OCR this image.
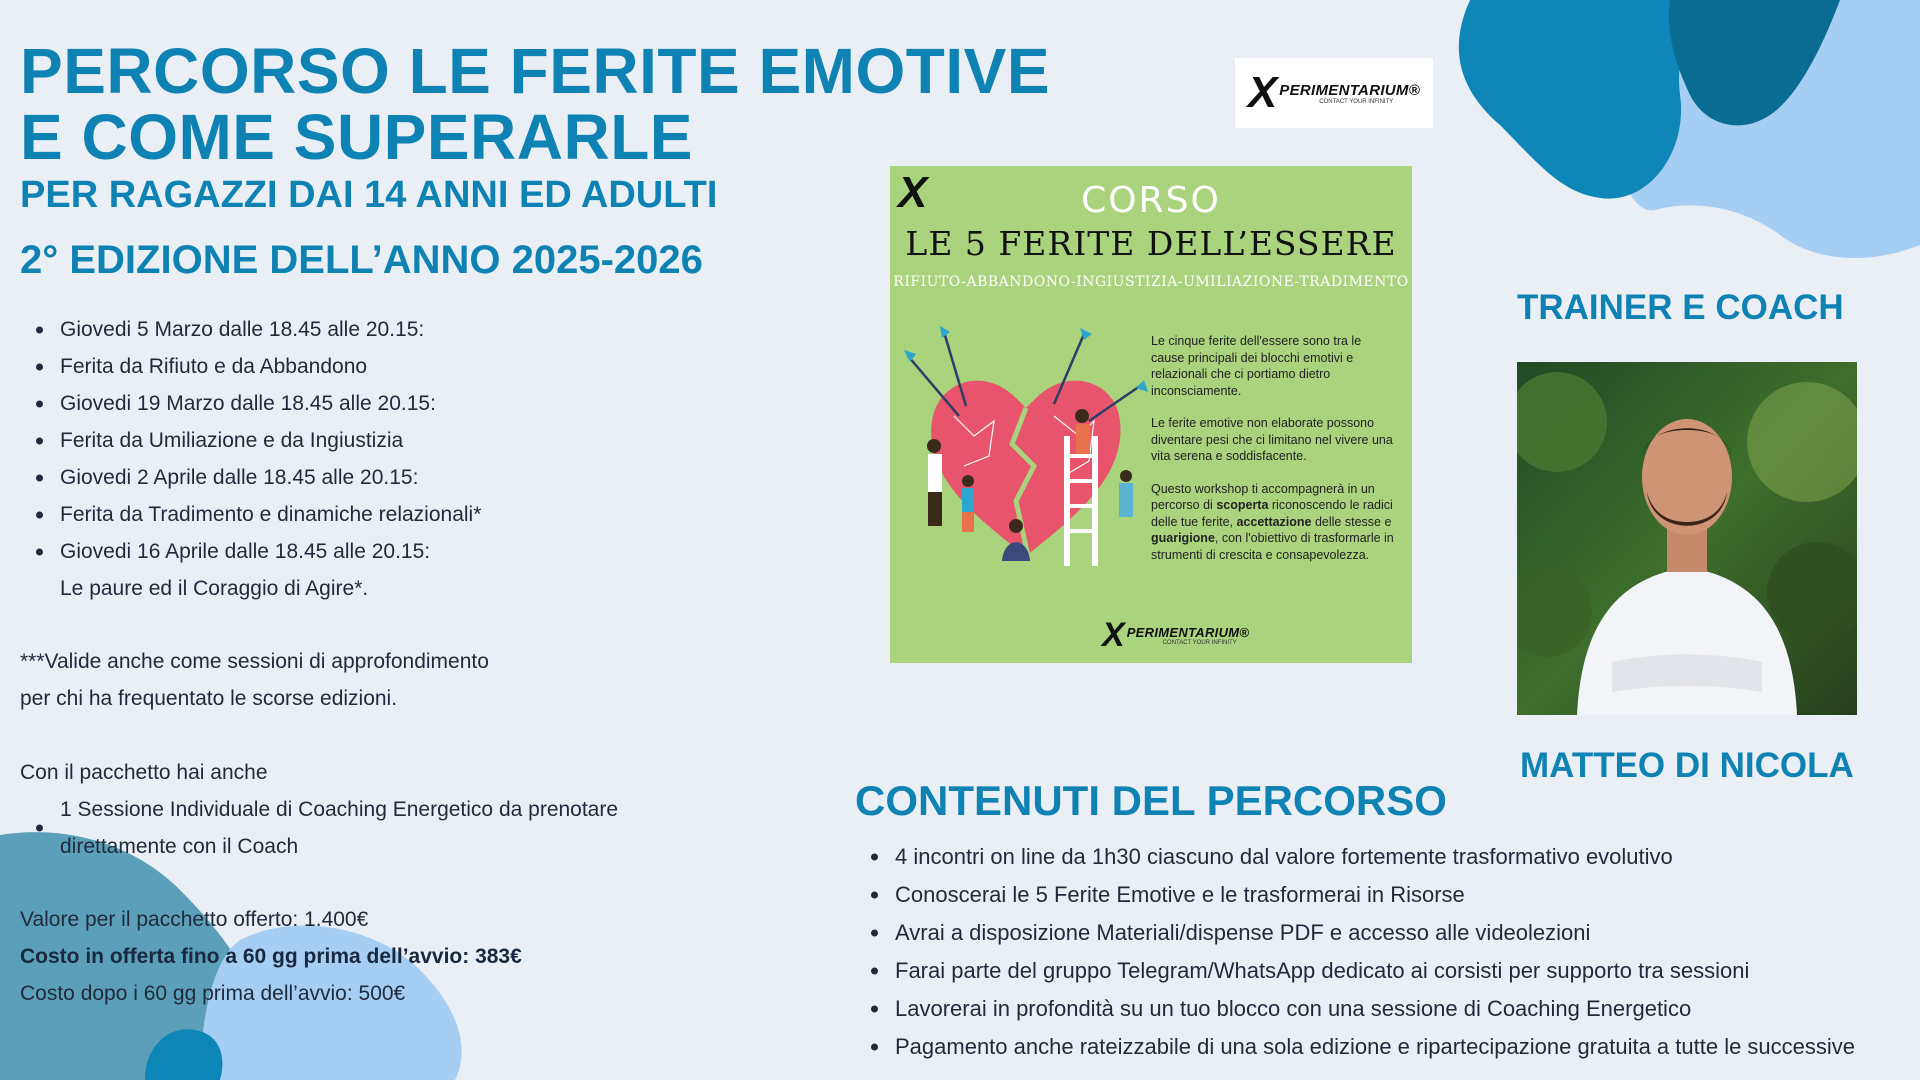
PERCORSO LE FERITE EMOTIVE
E COME SUPERARLE
PER RAGAZZI DAI 14 ANNI ED ADULTI
2° EDIZIONE DELL’ANNO 2025-2026
Giovedi 5 Marzo dalle 18.45 alle 20.15:
Ferita da Rifiuto e da Abbandono
Giovedi 19 Marzo dalle 18.45 alle 20.15:
Ferita da Umiliazione e da Ingiustizia
Giovedi 2 Aprile dalle 18.45 alle 20.15:
Ferita da Tradimento e dinamiche relazionali*
Giovedi 16 Aprile dalle 18.45 alle 20.15:
Le paure ed il Coraggio di Agire*.
***Valide anche come sessioni di approfondimento
per chi ha frequentato le scorse edizioni.
Con il pacchetto hai anche
1 Sessione Individuale di Coaching Energetico da prenotare direttamente con il Coach
Valore per il pacchetto offerto: 1.400€
Costo in offerta fino a 60 gg prima dell’avvio: 383€
Costo dopo i 60 gg prima dell’avvio: 500€
X PERIMENTARIUM®
CONTACT YOUR INFINITY
X	CORSO
LE 5 FERITE DELL’ESSERE
RIFIUTO-ABBANDONO-INGIUSTIZIA-UMILIAZIONE-TRADIMENTO

Le cinque ferite dell'essere sono tra le cause principali dei blocchi emotivi e relazionali che ci portiamo dietro inconsciamente.

Le ferite emotive non elaborate possono diventare pesi che ci limitano nel vivere una vita serena e soddisfacente.

Questo workshop ti accompagnerà in un percorso di scoperta riconoscendo le radici delle tue ferite, accettazione delle stesse e guarigione, con l'obiettivo di trasformarle in strumenti di crescita e consapevolezza.

X PERIMENTARIUM®
CONTACT YOUR INFINITY
TRAINER E COACH
MATTEO DI NICOLA
CONTENUTI DEL PERCORSO
4 incontri on line da 1h30 ciascuno dal valore fortemente trasformativo evolutivo
Conoscerai le 5 Ferite Emotive e le trasformerai in Risorse
Avrai a disposizione Materiali/dispense PDF e accesso alle videolezioni
Farai parte del gruppo Telegram/WhatsApp dedicato ai corsisti per supporto tra sessioni
Lavorerai in profondità su un tuo blocco con una sessione di Coaching Energetico
Pagamento anche rateizzabile di una sola edizione e ripartecipazione gratuita a tutte le successive
